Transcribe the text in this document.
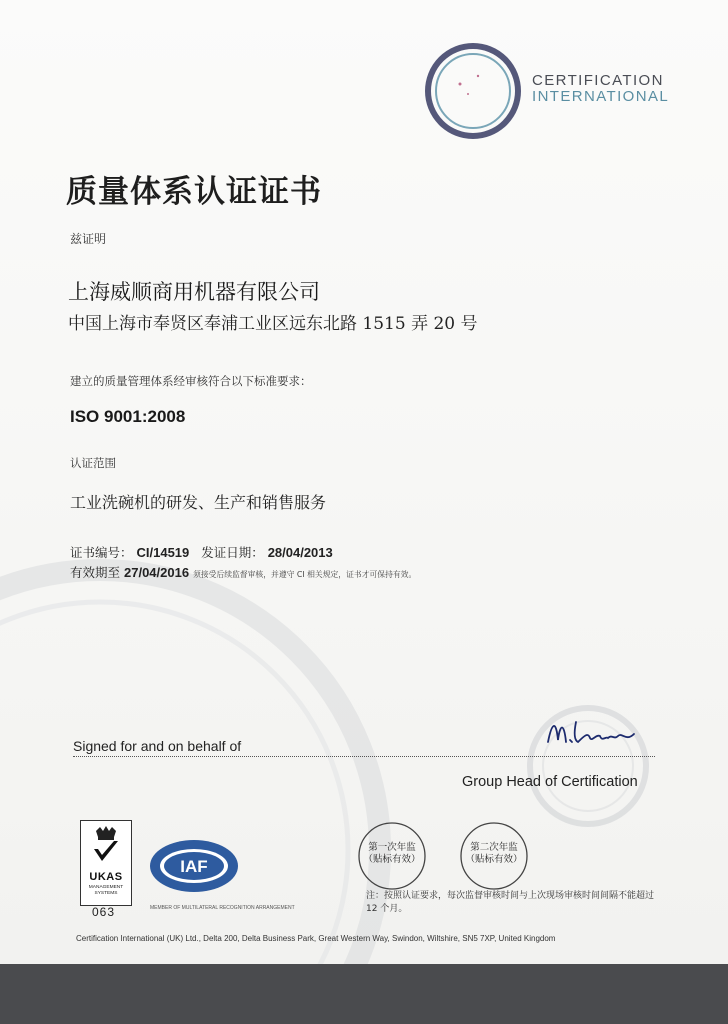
CERTIFICATION
INTERNATIONAL
质量体系认证证书
兹证明
上海威顺商用机器有限公司
中国上海市奉贤区奉浦工业区远东北路 1515 弄 20 号
建立的质量管理体系经审核符合以下标准要求：
ISO 9001:2008
认证范围
工业洗碗机的研发、生产和销售服务
证书编号： CI/14519 发证日期： 28/04/2013
有效期至 27/04/2016 须接受后续监督审核，并遵守 CI 相关规定，证书才可保持有效。
Signed for and on behalf of
Group Head of Certification
第一次年监
（贴标有效）
第二次年监
（贴标有效）
注：按照认证要求，每次监督审核时间与上次现场审核时间间隔不能超过 12 个月。
UKAS
MANAGEMENT SYSTEMS
063
IAF
MEMBER OF MULTILATERAL RECOGNITION ARRANGEMENT
Certification International (UK) Ltd., Delta 200, Delta Business Park, Great Western Way, Swindon, Wiltshire, SN5 7XP, United Kingdom
